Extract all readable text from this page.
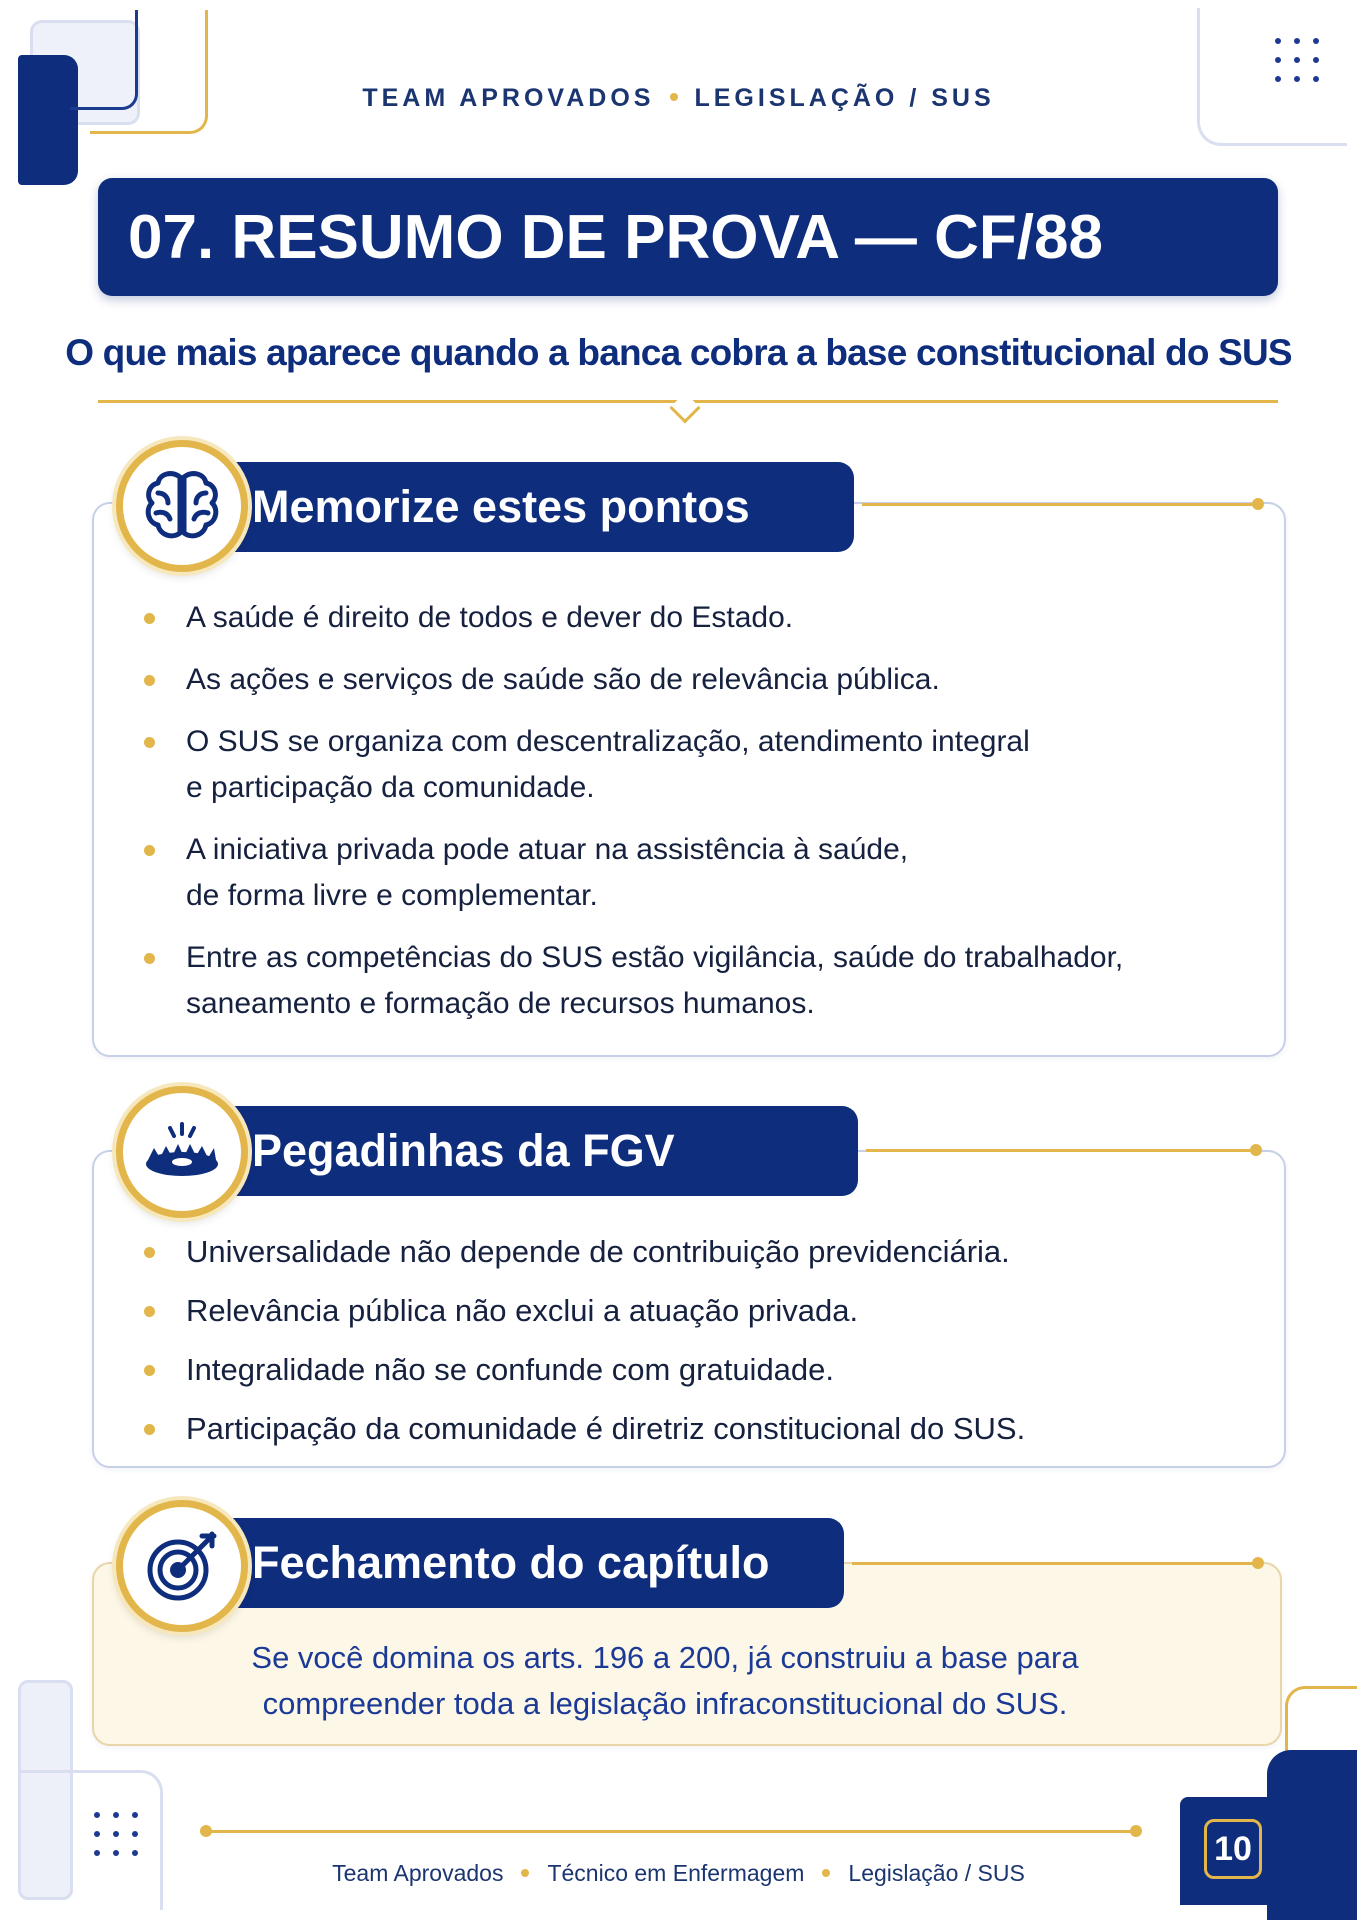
TEAM APROVADOS LEGISLAÇÃO / SUS
07. RESUMO DE PROVA — CF/88
O que mais aparece quando a banca cobra a base constitucional do SUS
Memorize estes pontos
A saúde é direito de todos e dever do Estado.
As ações e serviços de saúde são de relevância pública.
O SUS se organiza com descentralização, atendimento integral
e participação da comunidade.
A iniciativa privada pode atuar na assistência à saúde,
de forma livre e complementar.
Entre as competências do SUS estão vigilância, saúde do trabalhador,
saneamento e formação de recursos humanos.
Pegadinhas da FGV
Universalidade não depende de contribuição previdenciária.
Relevância pública não exclui a atuação privada.
Integralidade não se confunde com gratuidade.
Participação da comunidade é diretriz constitucional do SUS.
Fechamento do capítulo
Se você domina os arts. 196 a 200, já construiu a base para
compreender toda a legislação infraconstitucional do SUS.
Team Aprovados Técnico em Enfermagem Legislação / SUS
10
